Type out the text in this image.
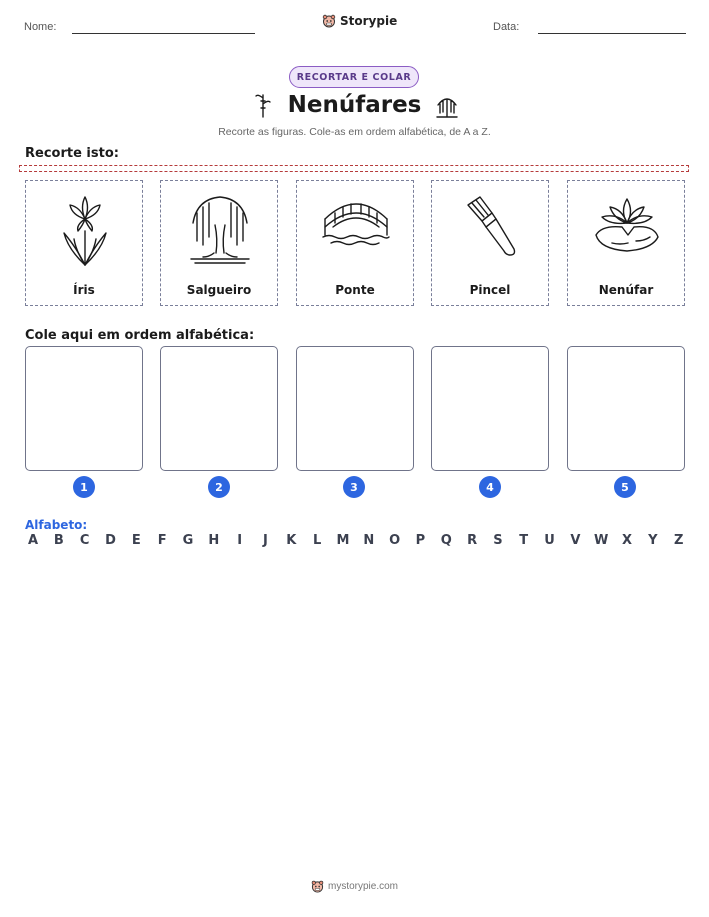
Nome:	Storypie	Data:
RECORTAR E COLAR
Nenúfares
Recorte as figuras. Cole-as em ordem alfabética, de A a Z.
Recorte isto:
Íris	Salgueiro	Ponte	Pincel	Nenúfar
Cole aqui em ordem alfabética:
1	2	3	4	5
Alfabeto:
A B C D E F G H	I	J	K L M N O P Q R S T U V W X Y Z
mystorypie.com
